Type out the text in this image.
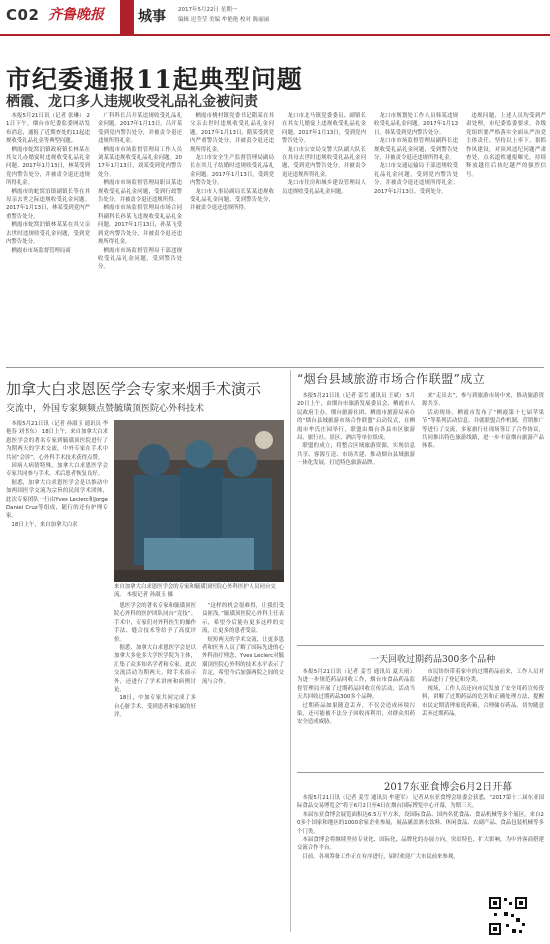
C02 齐鲁晚报 城事 2017年5月22日 星期一
编辑 迟莹莹 美编 牟艳艳 校对 陈丽丽
市纪委通报11起典型问题
栖霞、龙口多人违规收受礼品礼金被问责

本报5月21日讯（记者 张琳） 21日下午，烟台市纪委监委网站发布消息，通报了近期查处的11起违规收受礼品礼金等典型问题。

栖霞市蛇窝泊镇政府镇长林某在其女儿办婚宴时违规收受礼品礼金问题。2017年1月13日，林某受到党内警告处分，并被责令退还违规所得礼金。

栖霞市的蛇窝泊镇副镇长等在其母亲去世之际违规收受礼金问题。2017年1月13日，林某受到党内严重警告处分。

栖霞市蛇窝泊镇林某某在其父亲去世时违规收受礼金问题，受到党内警告处分。

栖霞市市场监督管理局商

广科科长吕开某违规收受礼品礼金问题。2017年1月13日，吕开某受到党内警告处分，并被责令退还违规所得礼金。

栖霞市市场监督管理局工作人员刘某某违规收受礼品礼金问题。2017年1月13日，刘某受到党内警告处分。

栖霞市市场监督管理局职员某违规收受礼品礼金问题，受到行政警告处分，并被责令退还违规所得。

栖霞市市场监督管理局市场合同科副科长孙某飞违规收受礼品礼金问题。2017年1月13日，孙某飞受到党内警告处分，并被责令退还违规所得礼金。

栖霞市市场监督管理局干部违规收受礼品礼金问题，受到警告处分。

栖霞市桃村镇党委书记隋某在其父亲去世时违规收受礼品礼金问题。2017年1月13日，隋某受到党内严重警告处分，并被责令退还违规所得礼金。

龙口市安全生产监督管理局副局长在其儿子结婚时违规收受礼品礼金问题。2017年1月13日，受到党内警告处分。

龙口市人事局副局长某某违规收受礼品礼金问题，受到警告处分，并被责令退还违规所得。

龙口市北马镇党委委员、副镇长在其女儿婚宴上违规收受礼品礼金问题。2017年1月13日，受到党内警告处分。

龙口市公安局交警大队副大队长在其母去世时违规收受礼品礼金问题，受到党内警告处分，并被责令退还违规所得礼金。

龙口市住房和城乡建设管理局人员违规收受礼品礼金问题。

龙口市规划处工作人员韩某违规收受礼品礼金问题。2017年1月13日，韩某受到党内警告处分。

龙口市市场监督管理局副科长违规收受礼品礼金问题，受到警告处分，并被责令退还违规所得礼金。

龙口市交通运输局干部违规收受礼品礼金问题，受到党内警告处分，并被责令退还违规所得礼金。2017年1月13日，受到处分。

违规问题，上述人员均受到严肃处理，市纪委监委要求，各级党组织要严格落实全面从严治党主体责任，坚持以上率下，狠抓作风建设，对顶风违纪问题严肃查处，点名道姓通报曝光，持续释放越往后执纪越严的强烈信号。

加拿大白求恩医学会专家来烟手术演示
交流中，外国专家频频点赞毓璜顶医院心外科技术

本报5月21日讯（记者 孙淑玉 通讯员 李艳春 刘书东） 18日上午，来自加拿大白求恩医学会的著名专家到毓璜顶医院进行了为期两天的学术交流，中外专家在手术中共同“会诊”，心外科手术技术获得点赞。

因病人病情特殊，加拿大白求恩医学会专家共同参与手术，术后患者恢复良好。

据悉，加拿大白求恩医学会是以推动中加两国医学交流为宗旨的民间学术团体，此次专家团队一行由Yves Leclerc和Jorge Daniel Cruz等组成，随行的还有护理专家。

18日上午，来自加拿大白求

来自加拿大白求恩医学会的专家和毓璜顶医院心外科医护人员同台交流。 本报记者 孙淑玉 摄

恩医学会的著名专家和毓璜顶医院心外科的医护团队同台“竞技”。手术中，专家们对外科医生的操作手法、缝合技术等给予了高度评价。

据悉，加拿大白求恩医学会是以加拿大多伦多大学医学院为主体，汇集了众多知名学者和专家。此次交流活动为期两天，除手术演示外，还进行了学术讲座和病例讨论。

18日，中加专家共同完成了多台心脏手术，受到患者和家属的好评。

“这样的机会很难得，让我们受益匪浅。”毓璜顶医院心外科主任表示，希望今后能有更多这样的交流，让更多的患者受益。

短短两天的学术交流，让更多患者和医务人员了解了国际先进的心外科治疗理念，Yves Leclerc对毓璜顶医院心外科的技术水平表示了肯定，希望今后加强两院之间的交流与合作。

“烟台县域旅游市场合作联盟”成立

本报5月21日讯（记者 姜雪 通讯员 王斌） 5月20日上午，由烟台市旅游发展委员会、栖霞市人民政府主办，烟台旅游社团、栖霞市旅游局承办的“烟台县域旅游市场合作联盟”启动仪式，在栖霞市牟氏庄园举行，联盟由烟台各县市区旅游局、旅行社、景区、酒店等单位组成。

联盟的成立，将整合区域旅游资源，实现信息共享、客源互送、市场共建，推动烟台县域旅游一体化发展，打造特色旅游品牌。

来“走出去”，参与到旅游市场中来，推动旅游资源共享。

活动现场，栖霞市发布了“栖霞第十七届苹果节”等系列活动信息，并就联盟合作机制、营销推广等进行了交流，多家旅行社现场签订了合作协议，共同推出特色旅游线路，进一步丰富烟台旅游产品体系。

一天回收过期药品300多个品种

本报5月21日讯（记者 姜雪 通讯员 夏天雨） 为进一步规范药品回收工作，烟台市食品药品监督管理局开展了过期药品回收宣传活动，活动当天共回收过期药品300多个品种。

过期药品如果随意丢弃，不仅会造成环境污染，还可能被不法分子回收再利用，对群众用药安全造成威胁。

市民纷纷带着家中的过期药品前来，工作人员对药品进行了登记和分类。

现场，工作人员还向市民发放了安全用药宣传资料，讲解了过期药品的危害和正确处理方法，提醒市民定期清理家庭药箱，合理储存药品，切勿随意丢弃过期药品。

2017东亚食博会6月2日开幕

本报5月21日讯（记者 姜雪 通讯员 牟建军） 记者从东亚食博会组委会获悉，“2017第十二届东亚国际食品交易博览会”将于6月2日至4日在烟台国际博览中心开幕，为期三天。

本届东亚食博会展览面积达6.5万平方米，设国际食品、国内名优食品、食品机械等多个展区，来自20多个国家和地区的1000余家企业参展，展品涵盖酒水饮料、休闲食品、农副产品、食品包装机械等多个门类。

本届食博会将继续坚持专业化、国际化、品牌化的办展方向，突出特色，扩大影响，为中外客商搭建交流合作平台。

目前，各项筹备工作正在有序进行，届时欢迎广大市民前来参观。
